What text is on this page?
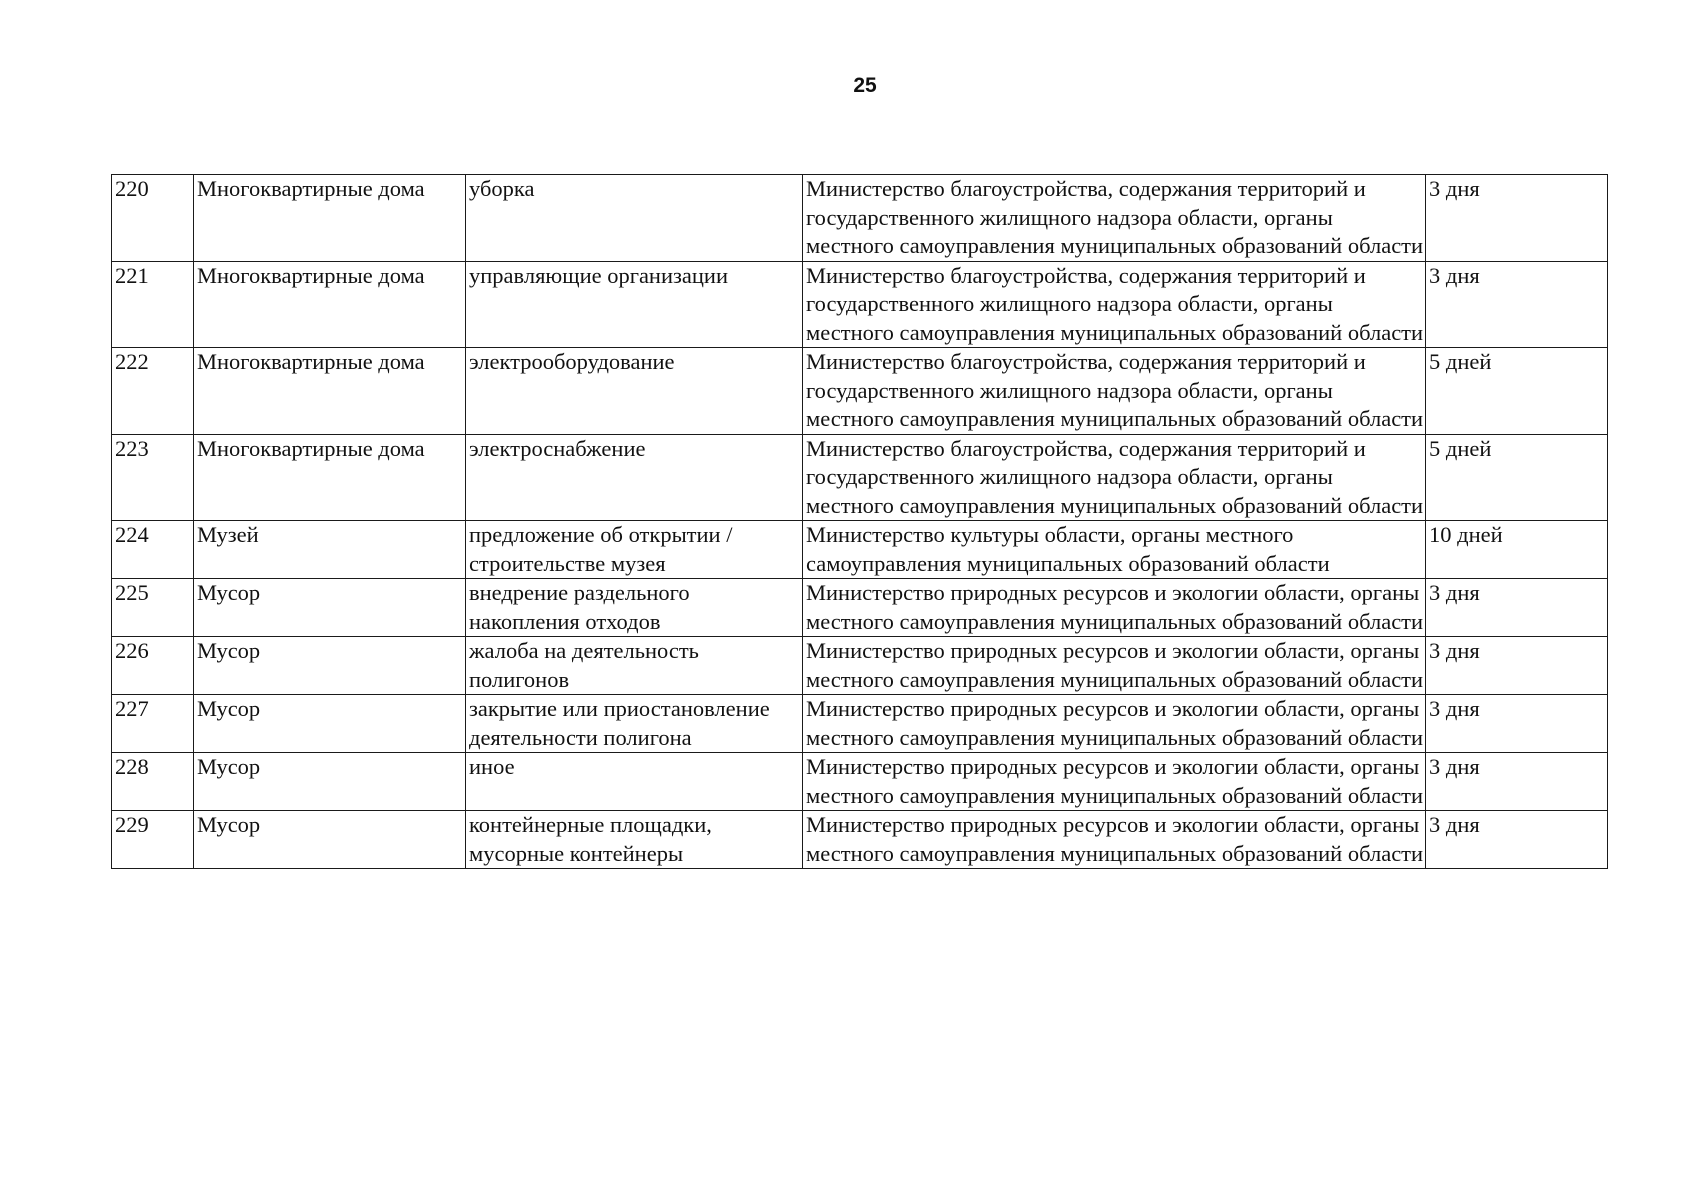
25
220	Многоквартирные дома	уборка	Министерство благоустройства, содержания территорий и государственного жилищного надзора области, органы местного самоуправления муниципальных образований области	3 дня
221	Многоквартирные дома	управляющие организации	Министерство благоустройства, содержания территорий и государственного жилищного надзора области, органы местного самоуправления муниципальных образований области	3 дня
222	Многоквартирные дома	электрооборудование	Министерство благоустройства, содержания территорий и государственного жилищного надзора области, органы местного самоуправления муниципальных образований области	5 дней
223	Многоквартирные дома	электроснабжение	Министерство благоустройства, содержания территорий и государственного жилищного надзора области, органы местного самоуправления муниципальных образований области	5 дней
224	Музей	предложение об открытии / строительстве музея	Министерство культуры области, органы местного самоуправления муниципальных образований области	10 дней
225	Мусор	внедрение раздельного накопления отходов	Министерство природных ресурсов и экологии области, органы местного самоуправления муниципальных образований области	3 дня
226	Мусор	жалоба на деятельность полигонов	Министерство природных ресурсов и экологии области, органы местного самоуправления муниципальных образований области	3 дня
227	Мусор	закрытие или приостановление деятельности полигона	Министерство природных ресурсов и экологии области, органы местного самоуправления муниципальных образований области	3 дня
228	Мусор	иное	Министерство природных ресурсов и экологии области, органы местного самоуправления муниципальных образований области	3 дня
229	Мусор	контейнерные площадки, мусорные контейнеры	Министерство природных ресурсов и экологии области, органы местного самоуправления муниципальных образований области	3 дня
